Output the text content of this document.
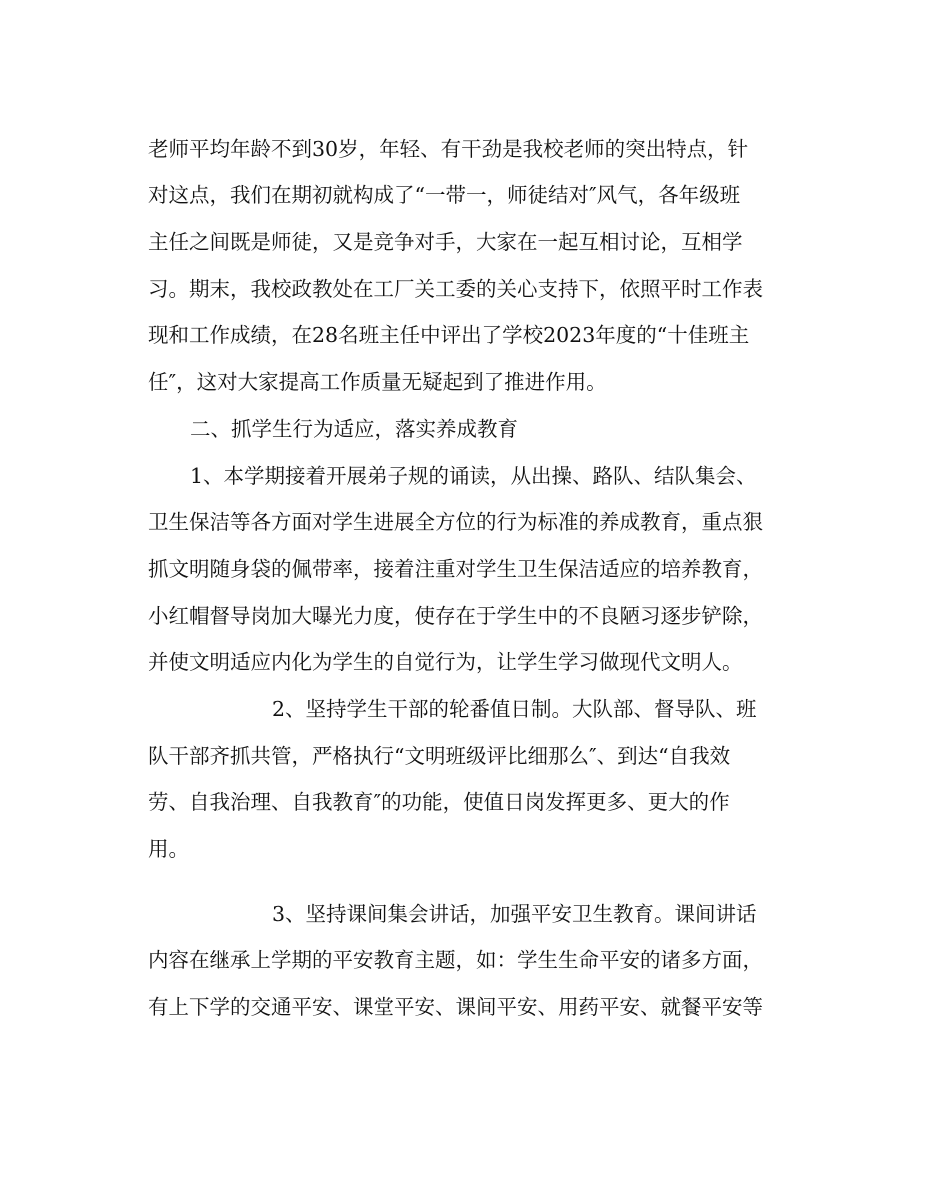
老师平均年龄不到30岁，年轻、有干劲是我校老师的突出特点，针
对这点，我们在期初就构成了“一带一，师徒结对″风气，各年级班
主任之间既是师徒，又是竞争对手，大家在一起互相讨论，互相学
习。期末，我校政教处在工厂关工委的关心支持下，依照平时工作表
现和工作成绩，在28名班主任中评出了学校2023年度的“十佳班主
任″，这对大家提高工作质量无疑起到了推进作用。
二、抓学生行为适应，落实养成教育
1、本学期接着开展弟子规的诵读，从出操、路队、结队集会、
卫生保洁等各方面对学生进展全方位的行为标准的养成教育，重点狠
抓文明随身袋的佩带率，接着注重对学生卫生保洁适应的培养教育，
小红帽督导岗加大曝光力度，使存在于学生中的不良陋习逐步铲除，
并使文明适应内化为学生的自觉行为，让学生学习做现代文明人。
2、坚持学生干部的轮番值日制。大队部、督导队、班
队干部齐抓共管，严格执行“文明班级评比细那么″、到达“自我效
劳、自我治理、自我教育″的功能，使值日岗发挥更多、更大的作
用。
3、坚持课间集会讲话，加强平安卫生教育。课间讲话
内容在继承上学期的平安教育主题，如：学生生命平安的诸多方面，
有上下学的交通平安、课堂平安、课间平安、用药平安、就餐平安等
